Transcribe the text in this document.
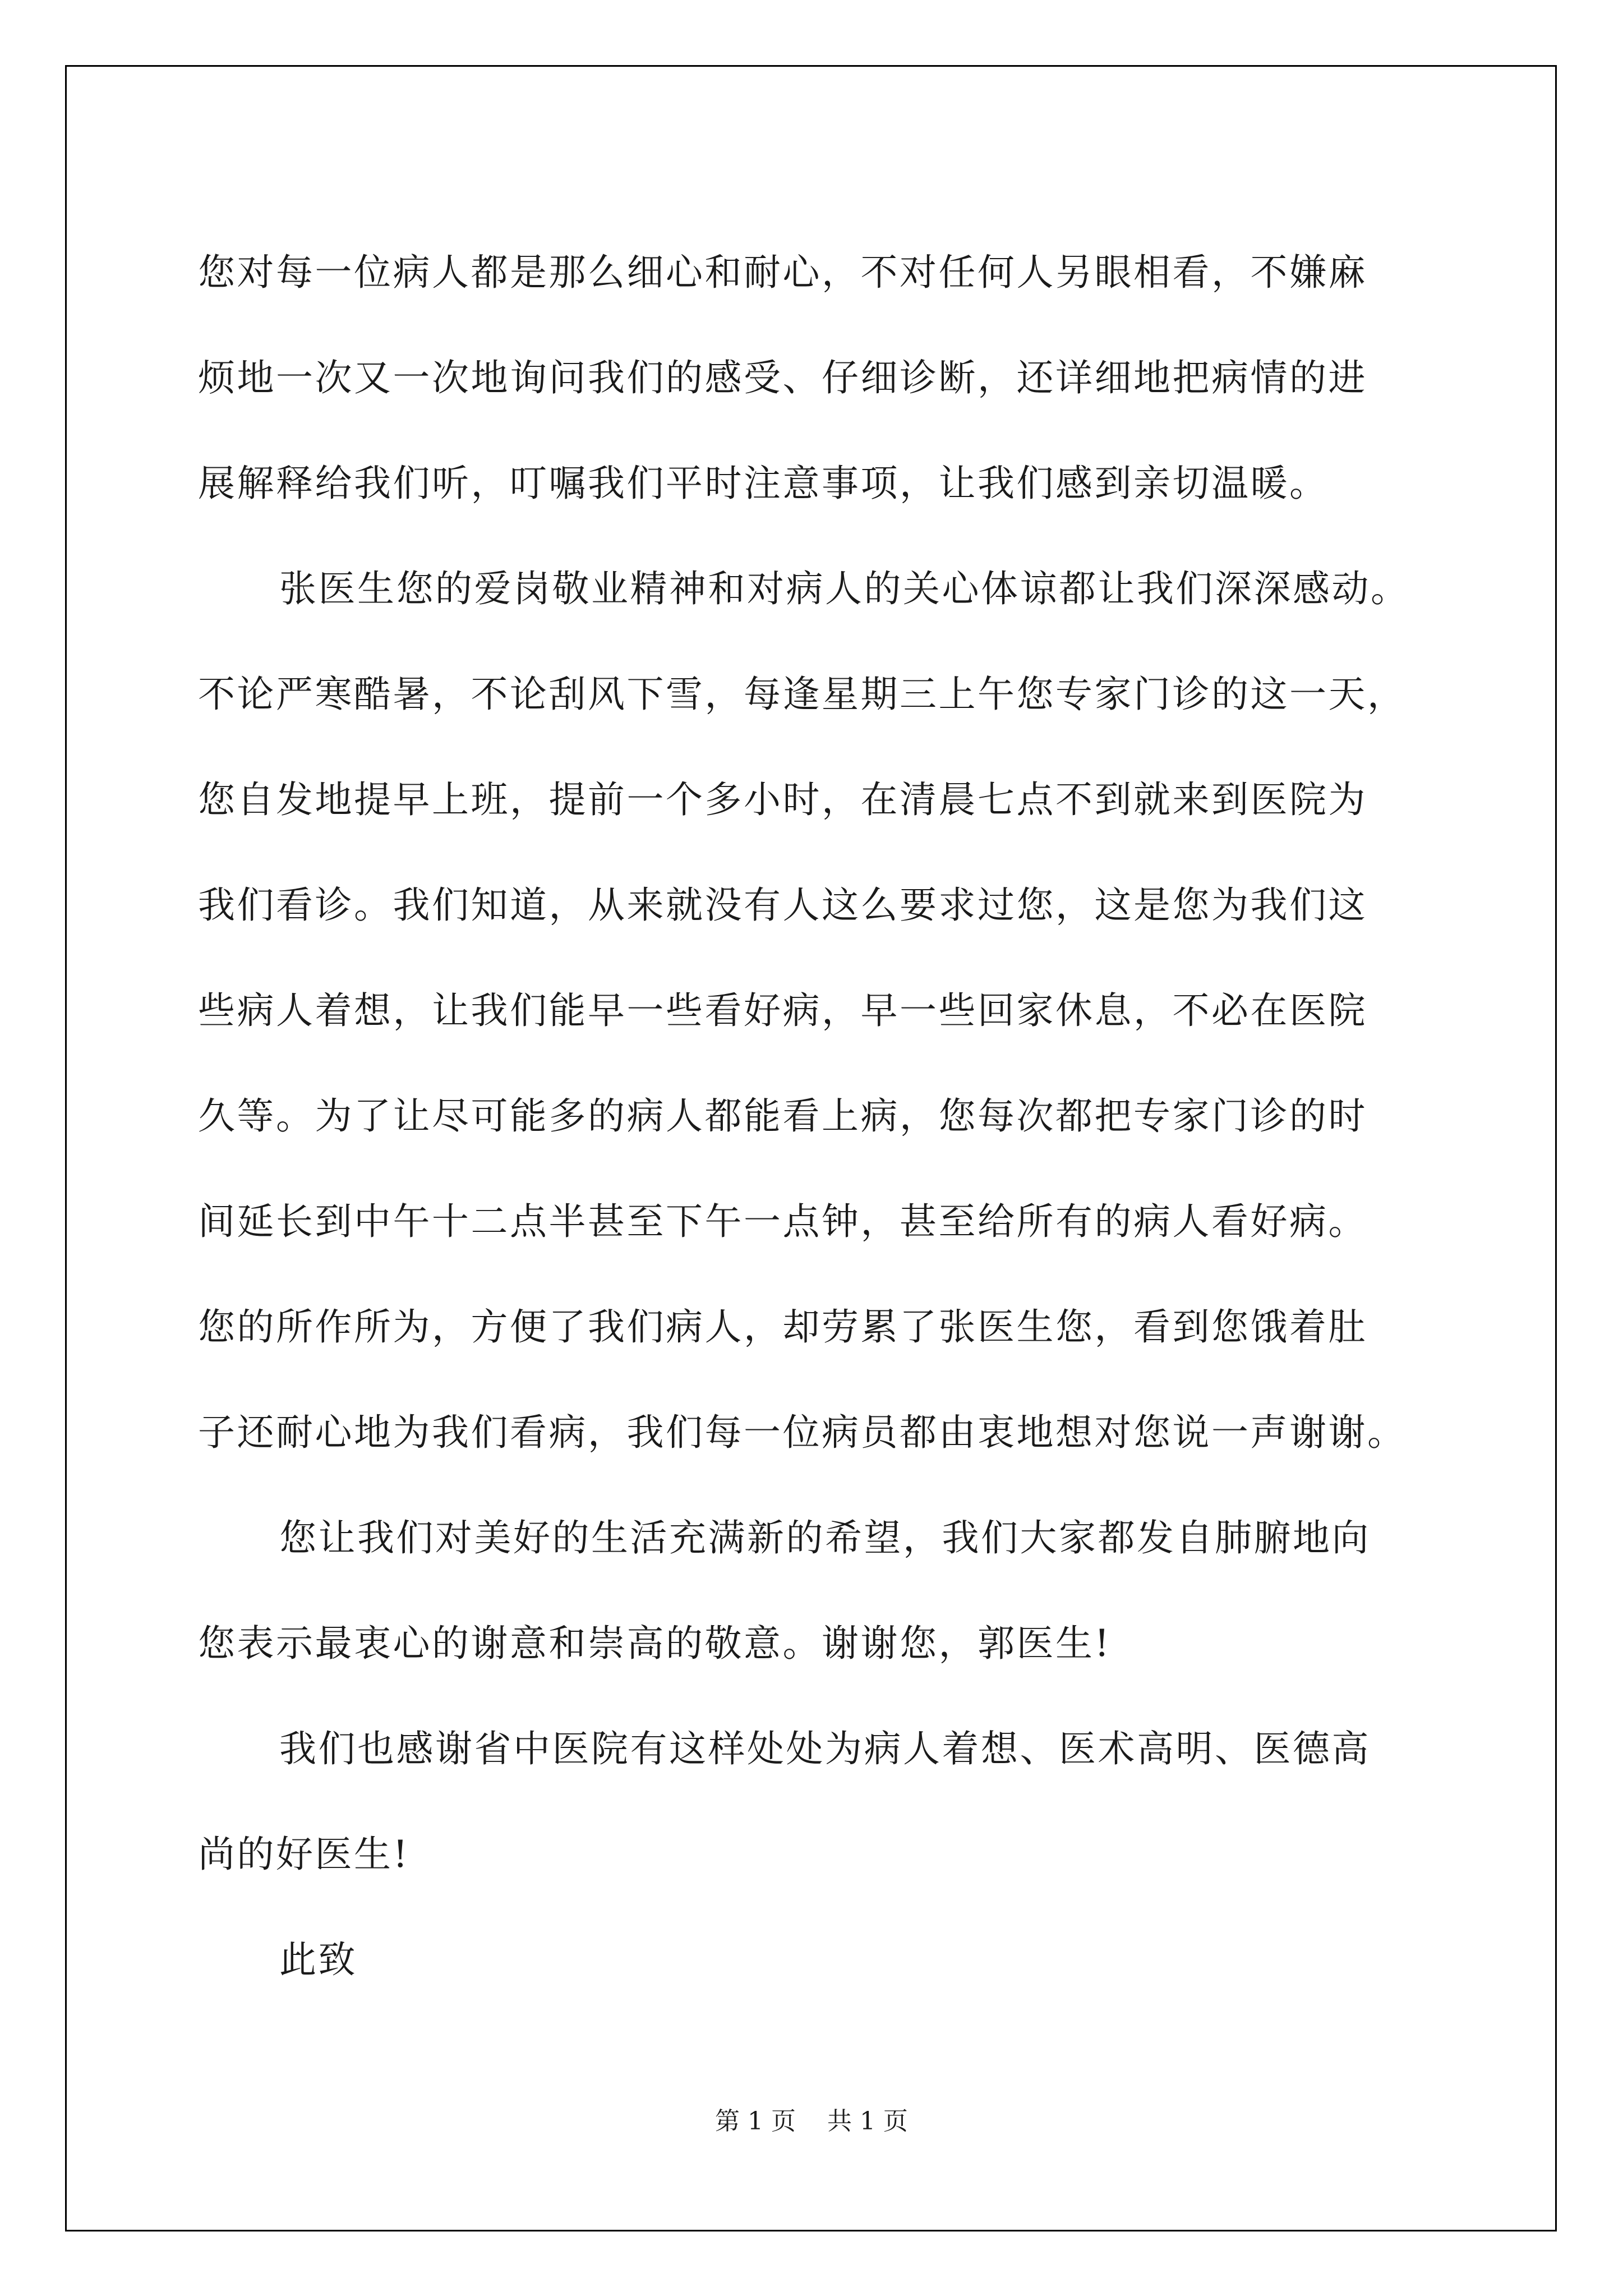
您对每一位病人都是那么细心和耐心，不对任何人另眼相看，不嫌麻
烦地一次又一次地询问我们的感受、仔细诊断，还详细地把病情的进
展解释给我们听，叮嘱我们平时注意事项，让我们感到亲切温暖。
张医生您的爱岗敬业精神和对病人的关心体谅都让我们深深感动。
不论严寒酷暑，不论刮风下雪，每逢星期三上午您专家门诊的这一天，
您自发地提早上班，提前一个多小时，在清晨七点不到就来到医院为
我们看诊。我们知道，从来就没有人这么要求过您，这是您为我们这
些病人着想，让我们能早一些看好病，早一些回家休息，不必在医院
久等。为了让尽可能多的病人都能看上病，您每次都把专家门诊的时
间延长到中午十二点半甚至下午一点钟，甚至给所有的病人看好病。
您的所作所为，方便了我们病人，却劳累了张医生您，看到您饿着肚
子还耐心地为我们看病，我们每一位病员都由衷地想对您说一声谢谢。
您让我们对美好的生活充满新的希望，我们大家都发自肺腑地向
您表示最衷心的谢意和崇高的敬意。谢谢您，郭医生!
我们也感谢省中医院有这样处处为病人着想、医术高明、医德高
尚的好医生!
此致
第 1 页    共 1 页
